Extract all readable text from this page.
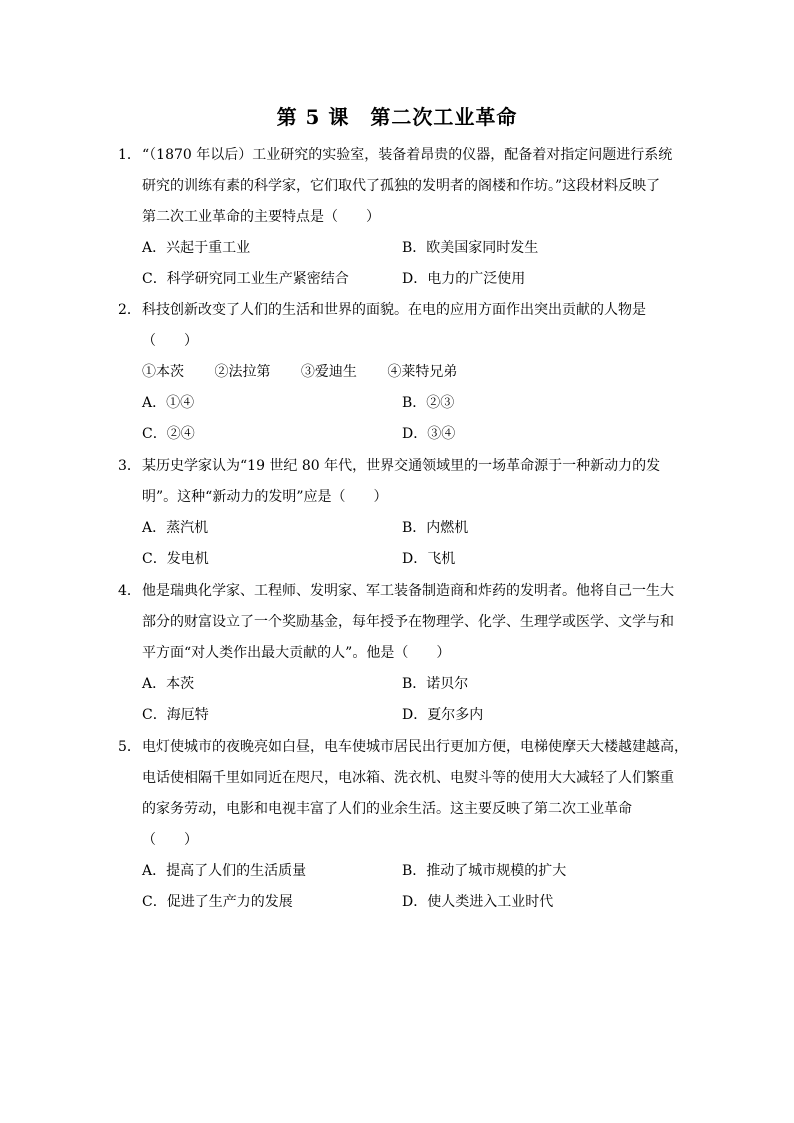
第 5 课　第二次工业革命
1．“（1870 年以后）工业研究的实验室，装备着昂贵的仪器，配备着对指定问题进行系统
研究的训练有素的科学家，它们取代了孤独的发明者的阁楼和作坊。”这段材料反映了
第二次工业革命的主要特点是（　　）
A．兴起于重工业	B．欧美国家同时发生
C．科学研究同工业生产紧密结合	D．电力的广泛使用
2．科技创新改变了人们的生活和世界的面貌。在电的应用方面作出突出贡献的人物是
（　　）
①本茨 ②法拉第 ③爱迪生 ④莱特兄弟
A．①④	B．②③
C．②④	D．③④
3．某历史学家认为“19 世纪 80 年代，世界交通领域里的一场革命源于一种新动力的发
明”。这种“新动力的发明”应是（　　）
A．蒸汽机	B．内燃机
C．发电机	D．飞机
4．他是瑞典化学家、工程师、发明家、军工装备制造商和炸药的发明者。他将自己一生大
部分的财富设立了一个奖励基金，每年授予在物理学、化学、生理学或医学、文学与和
平方面“对人类作出最大贡献的人”。他是（　　）
A．本茨	B．诺贝尔
C．海厄特	D．夏尔多内
5．电灯使城市的夜晚亮如白昼，电车使城市居民出行更加方便，电梯使摩天大楼越建越高，
电话使相隔千里如同近在咫尺，电冰箱、洗衣机、电熨斗等的使用大大减轻了人们繁重
的家务劳动，电影和电视丰富了人们的业余生活。这主要反映了第二次工业革命
（　　）
A．提高了人们的生活质量	B．推动了城市规模的扩大
C．促进了生产力的发展	D．使人类进入工业时代
